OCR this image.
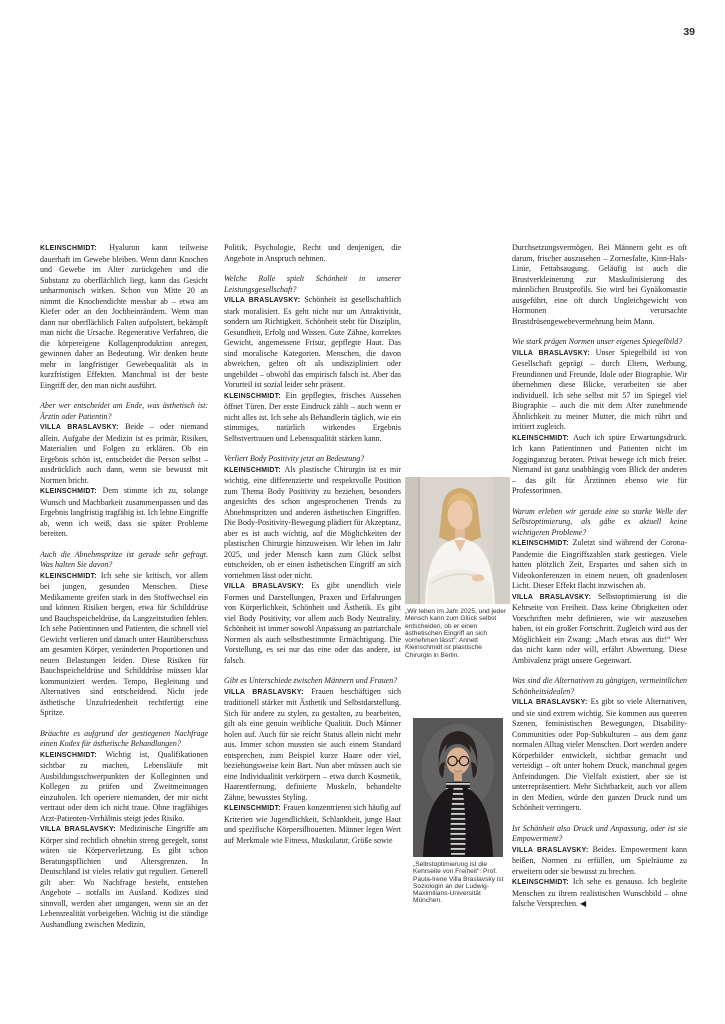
39

KLEINSCHMIDT: Hyaluron kann teilweise dauerhaft im Gewebe bleiben. Wenn dann Knochen und Gewebe im Alter zurückgehen und die Substanz zu oberflächlich liegt, kann das Gesicht unharmonisch wirken. Schon von Mitte 20 an nimmt die Knochendichte messbar ab – etwa am Kiefer oder an den Jochbeinrändern. Wenn man dann nur oberflächlich Falten aufpolstert, bekämpft man nicht die Ursache. Regenerative Verfahren, die die körpereigene Kollagenproduktion anregen, gewinnen daher an Bedeutung. Wir denken heute mehr in langfristiger Gewebequalität als in kurzfristigen Effekten. Manchmal ist der beste Eingriff der, den man nicht ausführt.

Aber wer entscheidet am Ende, was ästhetisch ist: Ärztin oder Patientin?

VILLA BRASLAVSKY: Beide – oder niemand allein. Aufgabe der Medizin ist es primär, Risiken, Materialien und Folgen zu erklären. Ob ein Ergebnis schön ist, entscheidet die Person selbst – ausdrücklich auch dann, wenn sie bewusst mit Normen bricht.

KLEINSCHMIDT: Dem stimme ich zu, solange Wunsch und Machbarkeit zusammenpassen und das Ergebnis langfristig tragfähig ist. Ich lehne Eingriffe ab, wenn ich weiß, dass sie später Probleme bereiten.

Auch die Abnehmspritze ist gerade sehr gefragt. Was halten Sie davon?

KLEINSCHMIDT: Ich sehe sie kritisch, vor allem bei jungen, gesunden Menschen. Diese Medikamente greifen stark in den Stoffwechsel ein und können Risiken bergen, etwa für Schilddrüse und Bauchspeicheldrüse, da Langzeitstudien fehlen. Ich sehe Patientinnen und Patienten, die schnell viel Gewicht verlieren und danach unter Hautüberschuss am gesamten Körper, veränderten Proportionen und neuen Belastungen leiden. Diese Risiken für Bauchspeicheldrüse und Schilddrüse müssen klar kommuniziert werden. Tempo, Begleitung und Alternativen sind entscheidend. Nicht jede ästhetische Unzufriedenheit rechtfertigt eine Spritze.

Bräuchte es aufgrund der gestiegenen Nachfrage einen Kodex für ästhetische Behandlungen?

KLEINSCHMIDT: Wichtig ist, Qualifikationen sichtbar zu machen, Lebensläufe mit Ausbildungsschwerpunkten der Kolleginnen und Kollegen zu prüfen und Zweitmeinungen einzuholen. Ich operiere niemanden, der mir nicht vertraut oder dem ich nicht traue. Ohne tragfähiges Arzt-Patienten-Verhältnis steigt jedes Risiko.

VILLA BRASLAVSKY: Medizinische Eingriffe am Körper sind rechtlich ohnehin streng geregelt, sonst wären sie Körperverletzung. Es gibt schon Beratungspflichten und Altersgrenzen. In Deutschland ist vieles relativ gut reguliert. Generell gilt aber: Wo Nachfrage besteht, entstehen Angebote – notfalls im Ausland. Kodizes sind sinnvoll, werden aber umgangen, wenn sie an der Lebensrealität vorbeigehen. Wichtig ist die ständige Aushandlung zwischen Medizin,

Politik, Psychologie, Recht und denjenigen, die Angebote in Anspruch nehmen.

Welche Rolle spielt Schönheit in unserer Leistungsgesellschaft?

VILLA BRASLAVSKY: Schönheit ist gesellschaftlich stark moralisiert. Es geht nicht nur um Attraktivität, sondern um Richtigkeit. Schönheit steht für Disziplin, Gesundheit, Erfolg und Wissen. Gute Zähne, korrektes Gewicht, angemessene Frisur, gepflegte Haut. Das sind moralische Kategorien. Menschen, die davon abweichen, gelten oft als undiszipliniert oder ungebildet – obwohl das empirisch falsch ist. Aber das Vorurteil ist sozial leider sehr präsent.

KLEINSCHMIDT: Ein gepflegtes, frisches Aussehen öffnet Türen. Der erste Eindruck zählt – auch wenn er nicht alles ist. Ich sehe als Behandlerin täglich, wie ein stimmiges, natürlich wirkendes Ergebnis Selbstvertrauen und Lebensqualität stärken kann.

Verliert Body Positivity jetzt an Bedeutung?

KLEINSCHMIDT: Als plastische Chirurgin ist es mir wichtig, eine differenzierte und respektvolle Position zum Thema Body Positivity zu beziehen, besonders angesichts des schon angesprochenen Trends zu Abnehmspritzen und anderen ästhetischen Eingriffen. Die Body-Positivity-Bewegung plädiert für Akzeptanz, aber es ist auch wichtig, auf die Möglichkeiten der plastischen Chirurgie hinzuweisen. Wir leben im Jahr 2025, und jeder Mensch kann zum Glück selbst entscheiden, ob er einen ästhetischen Eingriff an sich vornehmen lässt oder nicht.

VILLA BRASLAVSKY: Es gibt unendlich viele Formen und Darstellungen, Praxen und Erfahrungen von Körperlichkeit, Schönheit und Ästhetik. Es gibt viel Body Positivity, vor allem auch Body Neutrality. Schönheit ist immer sowohl Anpassung an patriarchale Normen als auch selbstbestimmte Ermächtigung. Die Vorstellung, es sei nur das eine oder das andere, ist falsch.

Gibt es Unterschiede zwischen Männern und Frauen?

VILLA BRASLAVSKY: Frauen beschäftigen sich traditionell stärker mit Ästhetik und Selbstdarstellung. Sich für andere zu stylen, zu gestalten, zu bearbeiten, gilt als eine genuin weibliche Qualität. Doch Männer holen auf. Auch für sie reicht Status allein nicht mehr aus. Immer schon mussten sie auch einem Standard entsprechen, zum Beispiel kurze Haare oder viel, beziehungsweise kein Bart. Nun aber müssen auch sie eine Individualität verkörpern – etwa durch Kosmetik, Haarentfernung, definierte Muskeln, behandelte Zähne, bewusstes Styling.

KLEINSCHMIDT: Frauen konzentrieren sich häufig auf Kriterien wie Jugendlichkeit, Schlankheit, junge Haut und spezifische Körpersilhouetten. Männer legen Wert auf Merkmale wie Fitness, Muskulatur, Größe sowie

Durchsetzungsvermögen. Bei Männern geht es oft darum, frischer auszusehen – Zornesfalte, Kinn-Hals-Linie, Fettabsaugung. Geläufig ist auch die Brustverkleinerung zur Maskulinisierung des männlichen Brustprofils. Sie wird bei Gynäkomastie ausgeführt, eine oft durch Ungleichgewicht von Hormonen verursachte Brustdrüsengewebevermehrung beim Mann.

Wie stark prägen Normen unser eigenes Spiegelbild?

VILLA BRASLAVSKY: Unser Spiegelbild ist von Gesellschaft geprägt – durch Eltern, Werbung, Freundinnen und Freunde, Idole oder Biographie. Wir übernehmen diese Blicke, verarbeiten sie aber individuell. Ich sehe selbst mit 57 im Spiegel viel Biographie – auch die mit dem Alter zunehmende Ähnlichkeit zu meiner Mutter, die mich rührt und irritiert zugleich.

KLEINSCHMIDT: Auch ich spüre Erwartungsdruck. Ich kann Patientinnen und Patienten nicht im Jogginganzug beraten. Privat bewege ich mich freier. Niemand ist ganz unabhängig vom Blick der anderen – das gilt für Ärztinnen ebenso wie für Professorinnen.

Warum erleben wir gerade eine so starke Welle der Selbstoptimierung, als gäbe es aktuell keine wichtigeren Probleme?

KLEINSCHMIDT: Zuletzt sind während der Corona-Pandemie die Eingriffszahlen stark gestiegen. Viele hatten plötzlich Zeit, Erspartes und sahen sich in Videokonferenzen in einem neuen, oft gnadenlosen Licht. Dieser Effekt flacht inzwischen ab.

VILLA BRASLAVSKY: Selbstoptimierung ist die Kehrseite von Freiheit. Dass keine Obrigkeiten oder Vorschriften mehr definieren, wie wir auszusehen haben, ist ein großer Fortschritt. Zugleich wird aus der Möglichkeit ein Zwang: „Mach etwas aus dir!“ Wer das nicht kann oder will, erfährt Abwertung. Diese Ambivalenz prägt unsere Gegenwart.

Was sind die Alternativen zu gängigen, vermeintlichen Schönheitsidealen?

VILLA BRASLAVSKY: Es gibt so viele Alternativen, und sie sind extrem wichtig. Sie kommen aus queeren Szenen, feministischen Bewegungen, Disability-Communities oder Pop-Subkulturen – aus dem ganz normalen Alltag vieler Menschen. Dort werden andere Körperbilder entwickelt, sichtbar gemacht und verteidigt – oft unter hohem Druck, manchmal gegen Anfeindungen. Die Vielfalt existiert, aber sie ist unterrepräsentiert. Mehr Sichtbarkeit, auch vor allem in den Medien, würde den ganzen Druck rund um Schönheit verringern.

Ist Schönheit also Druck und Anpassung, oder ist sie Empowerment?

VILLA BRASLAVSKY: Beides. Empowerment kann heißen, Normen zu erfüllen, um Spielräume zu erweitern oder sie bewusst zu brechen.

KLEINSCHMIDT: Ich sehe es genauso. Ich begleite Menschen zu ihrem realistischen Wunschbild – ohne falsche Versprechen. ◀

„Wir leben im Jahr 2025, und jeder Mensch kann zum Glück selbst entscheiden, ob er einen ästhetischen Eingriff an sich vornehmen lässt“: Annett Kleinschmidt ist plastische Chirurgin in Berlin.
„Selbstoptimierung ist die Kehrseite von Freiheit“: Prof. Paula-Irene Villa Braslavsky ist Soziologin an der Ludwig-Maximilians-Universität München.
